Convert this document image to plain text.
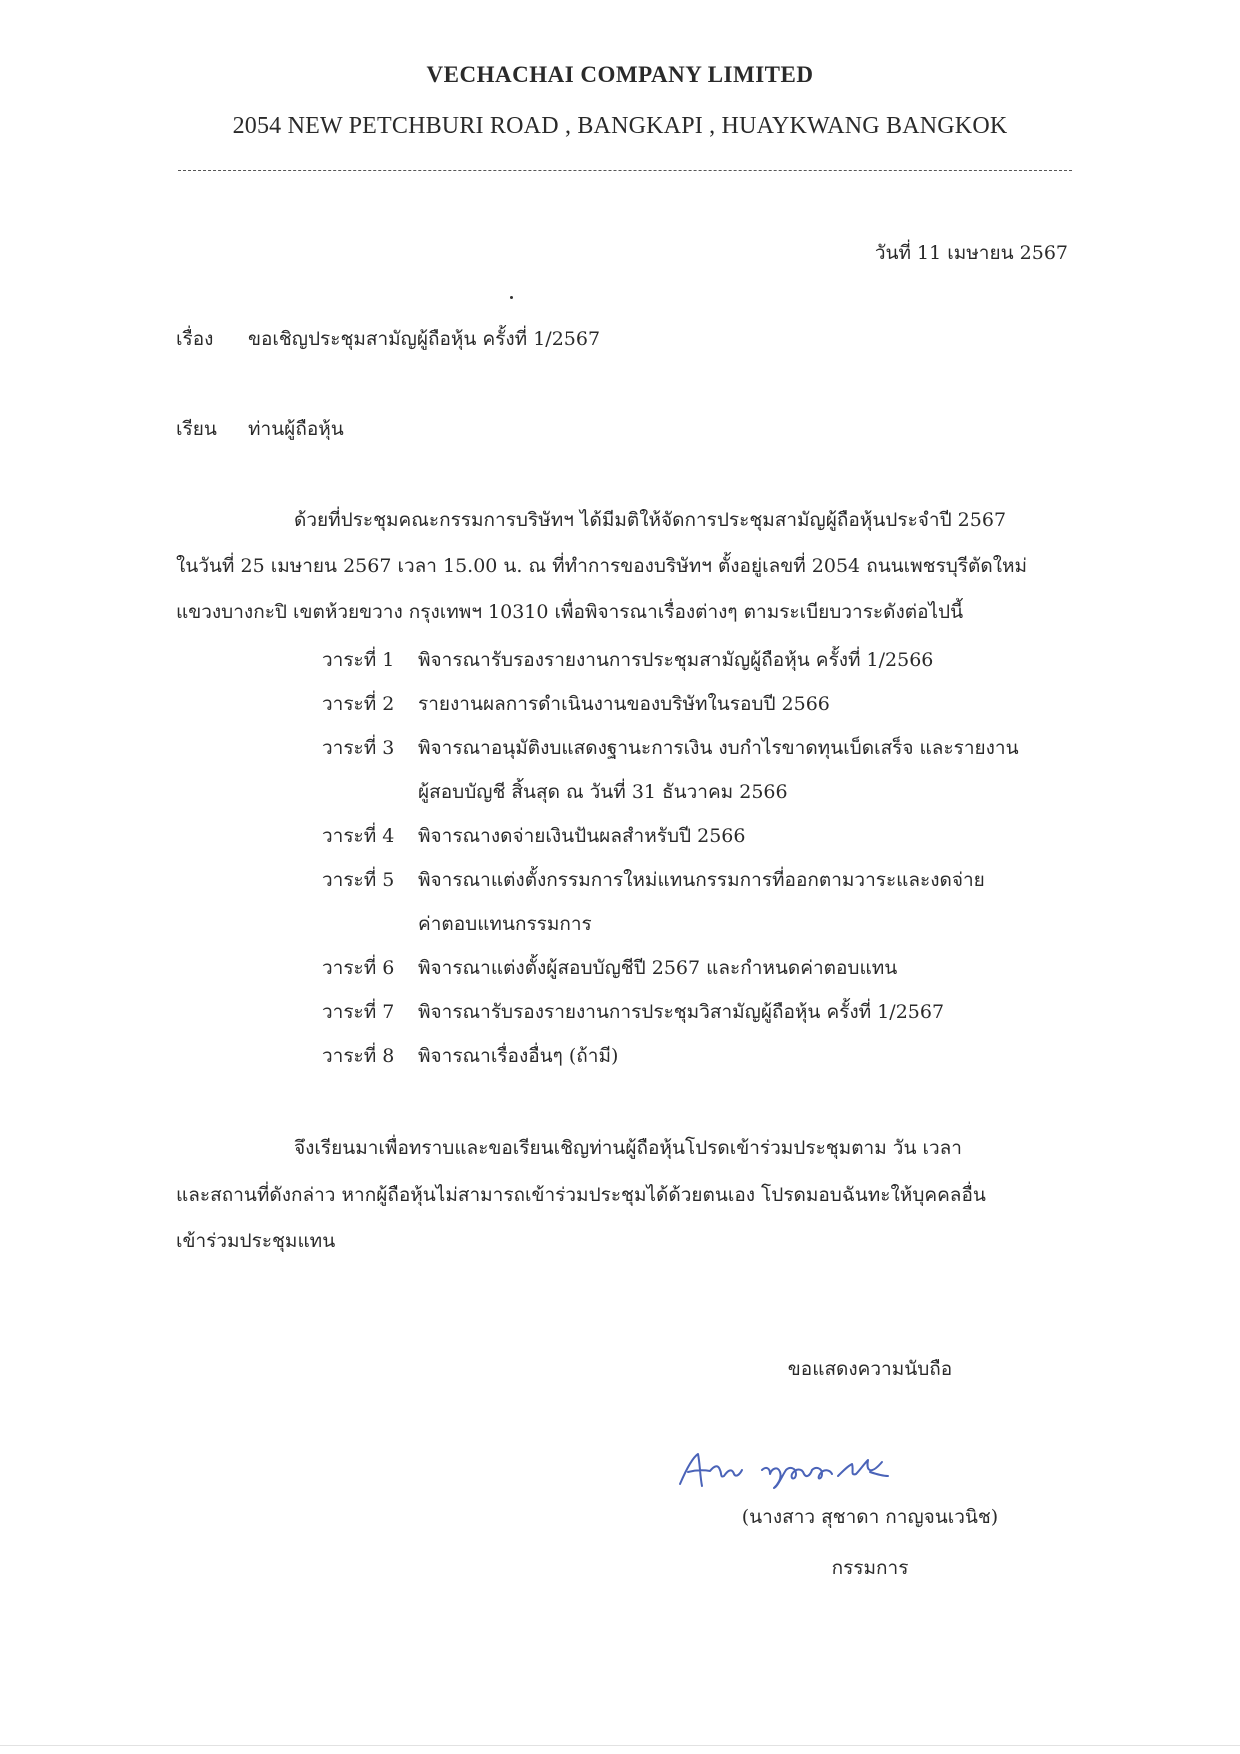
VECHACHAI COMPANY LIMITED
2054 NEW PETCHBURI ROAD , BANGKAPI , HUAYKWANG BANGKOK
วันที่ 11 เมษายน 2567
เรื่อง ขอเชิญประชุมสามัญผู้ถือหุ้น ครั้งที่ 1/2567
เรียน ท่านผู้ถือหุ้น
ด้วยที่ประชุมคณะกรรมการบริษัทฯ ได้มีมติให้จัดการประชุมสามัญผู้ถือหุ้นประจำปี 2567
ในวันที่ 25 เมษายน 2567 เวลา 15.00 น. ณ ที่ทำการของบริษัทฯ ตั้งอยู่เลขที่ 2054 ถนนเพชรบุรีตัดใหม่
แขวงบางกะปิ เขตห้วยขวาง กรุงเทพฯ 10310 เพื่อพิจารณาเรื่องต่างๆ ตามระเบียบวาระดังต่อไปนี้
วาระที่ 1	พิจารณารับรองรายงานการประชุมสามัญผู้ถือหุ้น ครั้งที่ 1/2566
วาระที่ 2	รายงานผลการดำเนินงานของบริษัทในรอบปี 2566
วาระที่ 3	พิจารณาอนุมัติงบแสดงฐานะการเงิน งบกำไรขาดทุนเบ็ดเสร็จ และรายงาน
ผู้สอบบัญชี สิ้นสุด ณ วันที่ 31 ธันวาคม 2566
วาระที่ 4	พิจารณางดจ่ายเงินปันผลสำหรับปี 2566
วาระที่ 5	พิจารณาแต่งตั้งกรรมการใหม่แทนกรรมการที่ออกตามวาระและงดจ่าย
ค่าตอบแทนกรรมการ
วาระที่ 6	พิจารณาแต่งตั้งผู้สอบบัญชีปี 2567 และกำหนดค่าตอบแทน
วาระที่ 7	พิจารณารับรองรายงานการประชุมวิสามัญผู้ถือหุ้น ครั้งที่ 1/2567
วาระที่ 8	พิจารณาเรื่องอื่นๆ (ถ้ามี)
จึงเรียนมาเพื่อทราบและขอเรียนเชิญท่านผู้ถือหุ้นโปรดเข้าร่วมประชุมตาม วัน เวลา
และสถานที่ดังกล่าว หากผู้ถือหุ้นไม่สามารถเข้าร่วมประชุมได้ด้วยตนเอง โปรดมอบฉันทะให้บุคคลอื่น
เข้าร่วมประชุมแทน
ขอแสดงความนับถือ
(นางสาว สุชาดา กาญจนเวนิช)
กรรมการ
